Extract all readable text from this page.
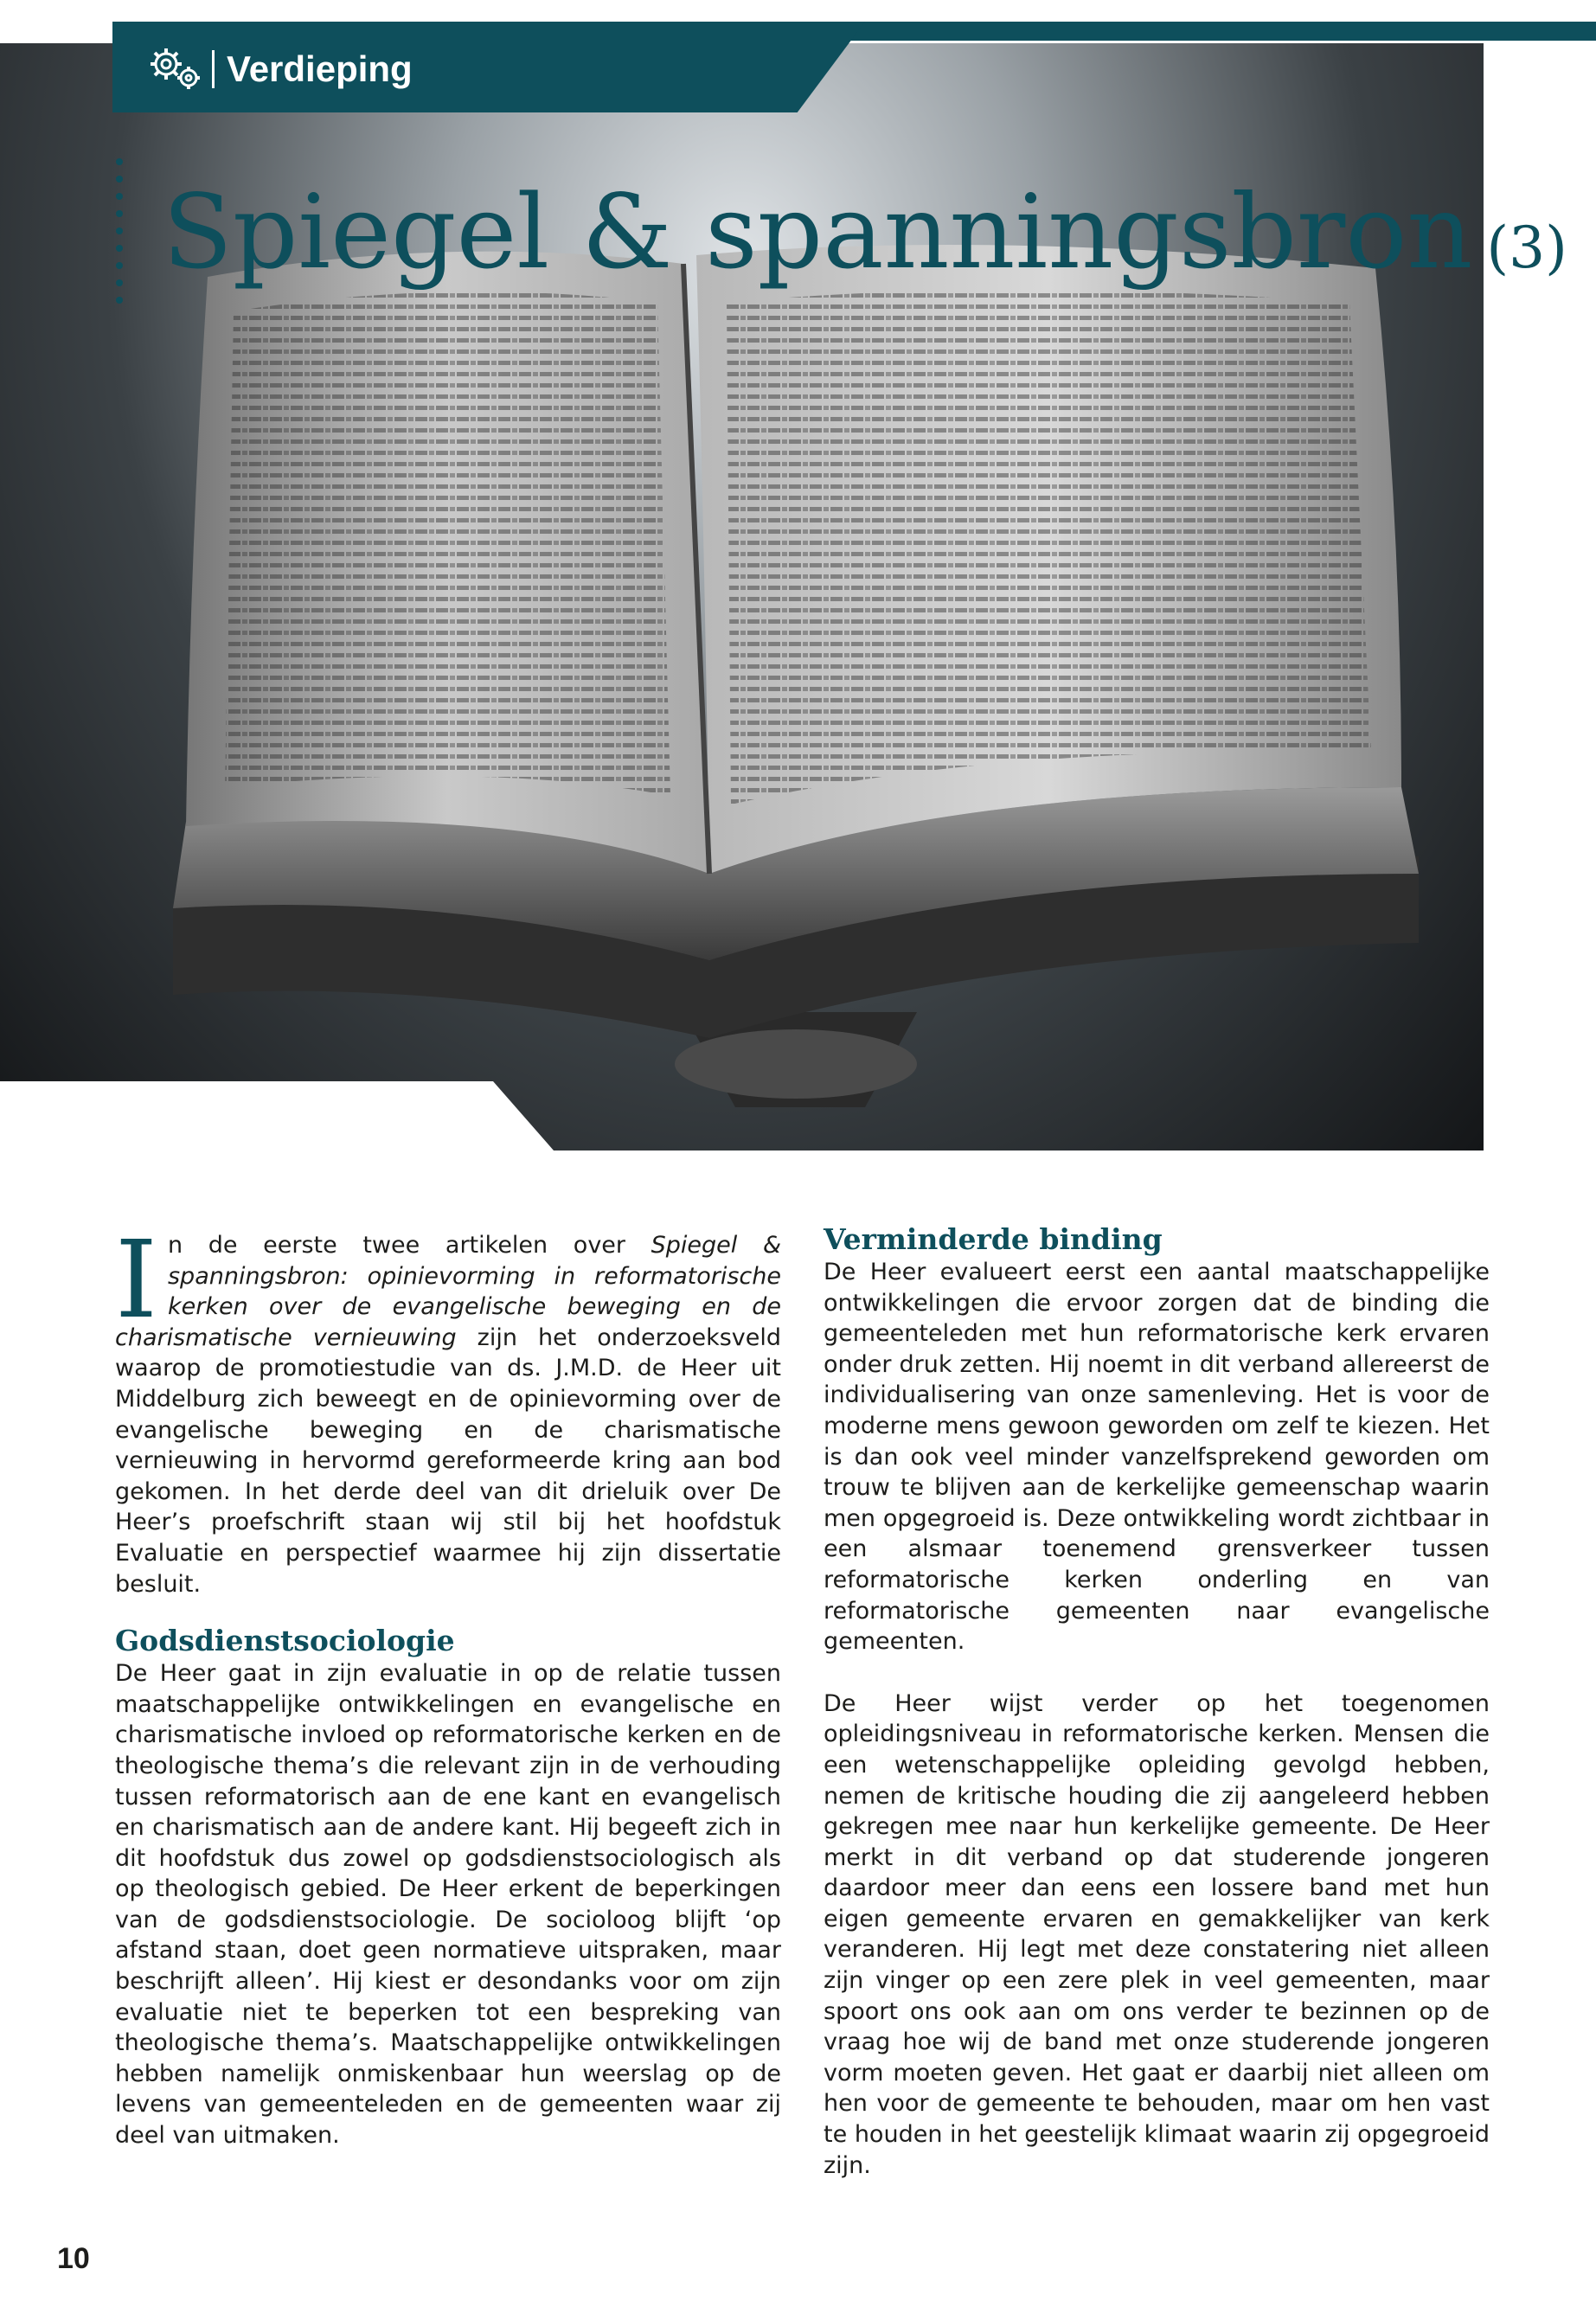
Verdieping
Spiegel & spanningsbron (3)

In de eerste twee artikelen over Spiegel & spanningsbron: opinievorming in reformatorische kerken over de evangelische beweging en de charismatische vernieuwing zijn het onderzoeksveld waarop de promotiestudie van ds. J.M.D. de Heer uit Middelburg zich beweegt en de opinievorming over de evangelische beweging en de charismatische vernieuwing in hervormd gereformeerde kring aan bod gekomen. In het derde deel van dit drieluik over De Heer’s proefschrift staan wij stil bij het hoofdstuk Evaluatie en perspectief waarmee hij zijn dissertatie besluit.

Godsdienstsociologie

De Heer gaat in zijn evaluatie in op de relatie tussen maatschappelijke ontwikkelingen en evangelische en charismatische invloed op reformatorische kerken en de theologische thema’s die relevant zijn in de verhouding tussen reformatorisch aan de ene kant en evangelisch en charismatisch aan de andere kant. Hij begeeft zich in dit hoofdstuk dus zowel op godsdienstsociologisch als op theologisch gebied. De Heer erkent de beperkingen van de godsdienstsociologie. De socioloog blijft ‘op afstand staan, doet geen normatieve uitspraken, maar beschrijft alleen’. Hij kiest er desondanks voor om zijn evaluatie niet te beperken tot een bespreking van theologische thema’s. Maatschappelijke ontwikkelingen hebben namelijk onmiskenbaar hun weerslag op de levens van gemeenteleden en de gemeenten waar zij deel van uitmaken.

Verminderde binding

De Heer evalueert eerst een aantal maatschappelijke ontwikkelingen die ervoor zorgen dat de binding die gemeenteleden met hun reformatorische kerk ervaren onder druk zetten. Hij noemt in dit verband allereerst de individualisering van onze samenleving. Het is voor de moderne mens gewoon geworden om zelf te kiezen. Het is dan ook veel minder vanzelfsprekend geworden om trouw te blijven aan de kerkelijke gemeenschap waarin men opgegroeid is. Deze ontwikkeling wordt zichtbaar in een alsmaar toenemend grensverkeer tussen reformatorische kerken onderling en van reformatorische gemeenten naar evangelische gemeenten.

De Heer wijst verder op het toegenomen opleidingsniveau in reformatorische kerken. Mensen die een wetenschappelijke opleiding gevolgd hebben, nemen de kritische houding die zij aangeleerd hebben gekregen mee naar hun kerkelijke gemeente. De Heer merkt in dit verband op dat studerende jongeren daardoor meer dan eens een lossere band met hun eigen gemeente ervaren en gemakkelijker van kerk veranderen. Hij legt met deze constatering niet alleen zijn vinger op een zere plek in veel gemeenten, maar spoort ons ook aan om ons verder te bezinnen op de vraag hoe wij de band met onze studerende jongeren vorm moeten geven. Het gaat er daarbij niet alleen om hen voor de gemeente te behouden, maar om hen vast te houden in het geestelijk klimaat waarin zij opgegroeid zijn.

10
